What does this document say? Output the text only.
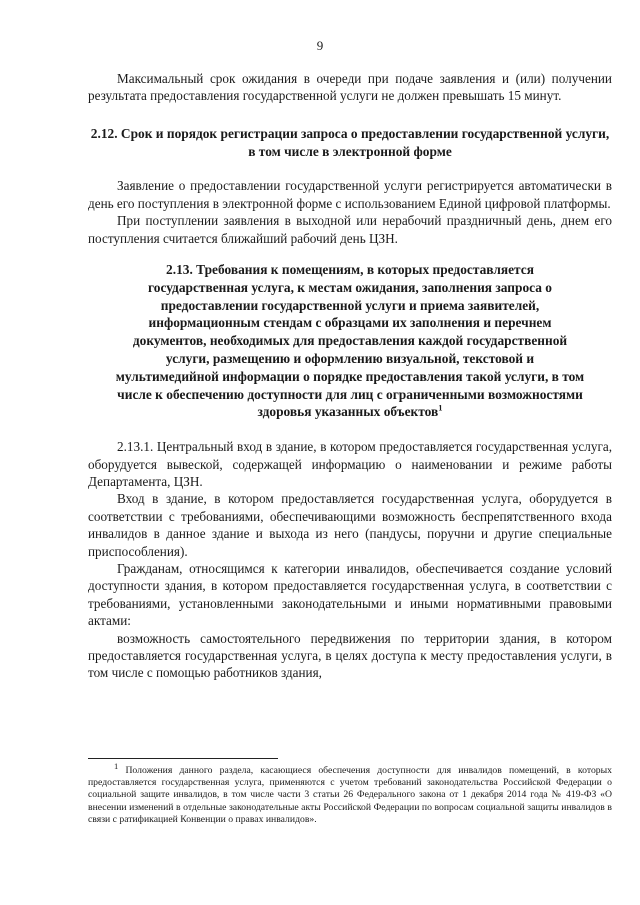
9

Максимальный срок ожидания в очереди при подаче заявления и (или) получении результата предоставления государственной услуги не должен превышать 15 минут.

2.12. Срок и порядок регистрации запроса о предоставлении государственной услуги, в том числе в электронной форме

Заявление о предоставлении государственной услуги регистрируется автоматически в день его поступления в электронной форме с использованием Единой цифровой платформы.

При поступлении заявления в выходной или нерабочий праздничный день, днем его поступления считается ближайший рабочий день ЦЗН.

2.13. Требования к помещениям, в которых предоставляется государственная услуга, к местам ожидания, заполнения запроса о предоставлении государственной услуги и приема заявителей, информационным стендам с образцами их заполнения и перечнем документов, необходимых для предоставления каждой государственной услуги, размещению и оформлению визуальной, текстовой и мультимедийной информации о порядке предоставления такой услуги, в том числе к обеспечению доступности для лиц с ограниченными возможностями здоровья указанных объектов$^1$

2.13.1. Центральный вход в здание, в котором предоставляется государственная услуга, оборудуется вывеской, содержащей информацию о наименовании и режиме работы Департамента, ЦЗН.

Вход в здание, в котором предоставляется государственная услуга, оборудуется в соответствии с требованиями, обеспечивающими возможность беспрепятственного входа инвалидов в данное здание и выхода из него (пандусы, поручни и другие специальные приспособления).

Гражданам, относящимся к категории инвалидов, обеспечивается создание условий доступности здания, в котором предоставляется государственная услуга, в соответствии с требованиями, установленными законодательными и иными нормативными правовыми актами:

возможность самостоятельного передвижения по территории здания, в котором предоставляется государственная услуга, в целях доступа к месту предоставления услуги, в том числе с помощью работников здания,

1 Положения данного раздела, касающиеся обеспечения доступности для инвалидов помещений, в которых предоставляется государственная услуга, применяются с учетом требований законодательства Российской Федерации о социальной защите инвалидов, в том числе части 3 статьи 26 Федерального закона от 1 декабря 2014 года № 419-ФЗ «О внесении изменений в отдельные законодательные акты Российской Федерации по вопросам социальной защиты инвалидов в связи с ратификацией Конвенции о правах инвалидов».
